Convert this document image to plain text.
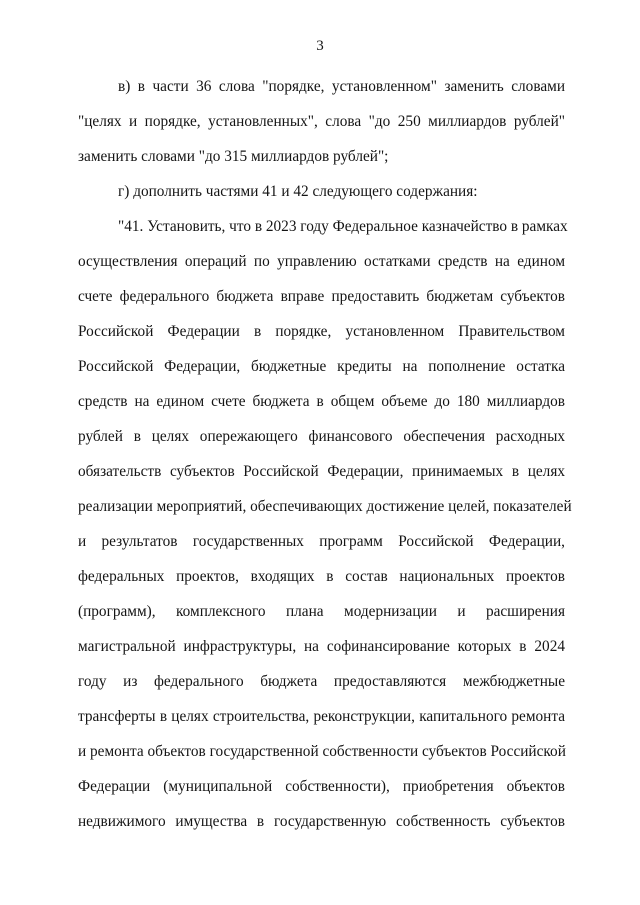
3
в) в части 36 слова "порядке, установленном" заменить словами
"целях и порядке, установленных", слова "до 250 миллиардов рублей"
заменить словами "до 315 миллиардов рублей";
г) дополнить частями 41 и 42 следующего содержания:
"41. Установить, что в 2023 году Федеральное казначейство в рамках
осуществления операций по управлению остатками средств на едином
счете федерального бюджета вправе предоставить бюджетам субъектов
Российской Федерации в порядке, установленном Правительством
Российской Федерации, бюджетные кредиты на пополнение остатка
средств на едином счете бюджета в общем объеме до 180 миллиардов
рублей в целях опережающего финансового обеспечения расходных
обязательств субъектов Российской Федерации, принимаемых в целях
реализации мероприятий, обеспечивающих достижение целей, показателей
и результатов государственных программ Российской Федерации,
федеральных проектов, входящих в состав национальных проектов
(программ), комплексного плана модернизации и расширения
магистральной инфраструктуры, на софинансирование которых в 2024
году из федерального бюджета предоставляются межбюджетные
трансферты в целях строительства, реконструкции, капитального ремонта
и ремонта объектов государственной собственности субъектов Российской
Федерации (муниципальной собственности), приобретения объектов
недвижимого имущества в государственную собственность субъектов
